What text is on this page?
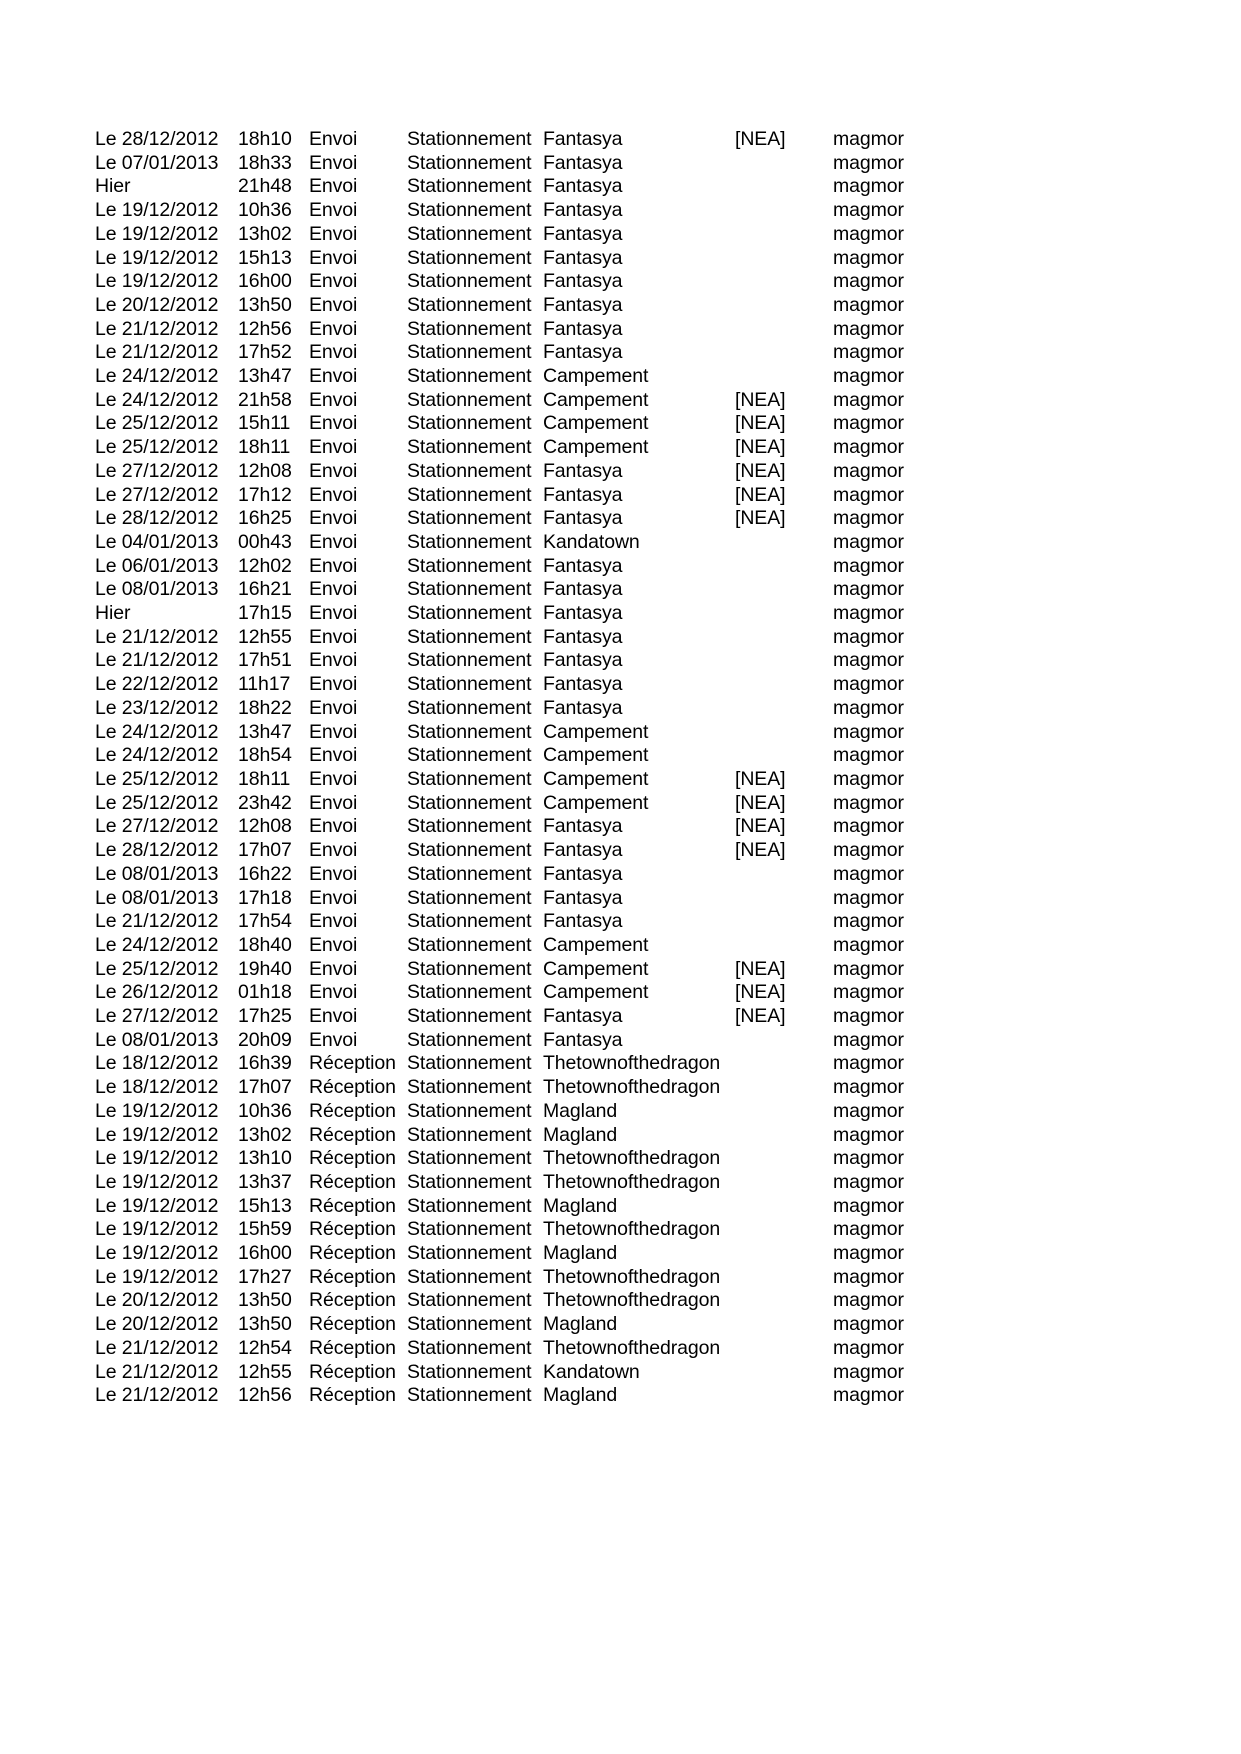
Le 28/12/2012	18h10	Envoi	Stationnement	Fantasya	[NEA]	magmor
Le 07/01/2013	18h33	Envoi	Stationnement	Fantasya		magmor
Hier	21h48	Envoi	Stationnement	Fantasya		magmor
Le 19/12/2012	10h36	Envoi	Stationnement	Fantasya		magmor
Le 19/12/2012	13h02	Envoi	Stationnement	Fantasya		magmor
Le 19/12/2012	15h13	Envoi	Stationnement	Fantasya		magmor
Le 19/12/2012	16h00	Envoi	Stationnement	Fantasya		magmor
Le 20/12/2012	13h50	Envoi	Stationnement	Fantasya		magmor
Le 21/12/2012	12h56	Envoi	Stationnement	Fantasya		magmor
Le 21/12/2012	17h52	Envoi	Stationnement	Fantasya		magmor
Le 24/12/2012	13h47	Envoi	Stationnement	Campement		magmor
Le 24/12/2012	21h58	Envoi	Stationnement	Campement	[NEA]	magmor
Le 25/12/2012	15h11	Envoi	Stationnement	Campement	[NEA]	magmor
Le 25/12/2012	18h11	Envoi	Stationnement	Campement	[NEA]	magmor
Le 27/12/2012	12h08	Envoi	Stationnement	Fantasya	[NEA]	magmor
Le 27/12/2012	17h12	Envoi	Stationnement	Fantasya	[NEA]	magmor
Le 28/12/2012	16h25	Envoi	Stationnement	Fantasya	[NEA]	magmor
Le 04/01/2013	00h43	Envoi	Stationnement	Kandatown		magmor
Le 06/01/2013	12h02	Envoi	Stationnement	Fantasya		magmor
Le 08/01/2013	16h21	Envoi	Stationnement	Fantasya		magmor
Hier	17h15	Envoi	Stationnement	Fantasya		magmor
Le 21/12/2012	12h55	Envoi	Stationnement	Fantasya		magmor
Le 21/12/2012	17h51	Envoi	Stationnement	Fantasya		magmor
Le 22/12/2012	11h17	Envoi	Stationnement	Fantasya		magmor
Le 23/12/2012	18h22	Envoi	Stationnement	Fantasya		magmor
Le 24/12/2012	13h47	Envoi	Stationnement	Campement		magmor
Le 24/12/2012	18h54	Envoi	Stationnement	Campement		magmor
Le 25/12/2012	18h11	Envoi	Stationnement	Campement	[NEA]	magmor
Le 25/12/2012	23h42	Envoi	Stationnement	Campement	[NEA]	magmor
Le 27/12/2012	12h08	Envoi	Stationnement	Fantasya	[NEA]	magmor
Le 28/12/2012	17h07	Envoi	Stationnement	Fantasya	[NEA]	magmor
Le 08/01/2013	16h22	Envoi	Stationnement	Fantasya		magmor
Le 08/01/2013	17h18	Envoi	Stationnement	Fantasya		magmor
Le 21/12/2012	17h54	Envoi	Stationnement	Fantasya		magmor
Le 24/12/2012	18h40	Envoi	Stationnement	Campement		magmor
Le 25/12/2012	19h40	Envoi	Stationnement	Campement	[NEA]	magmor
Le 26/12/2012	01h18	Envoi	Stationnement	Campement	[NEA]	magmor
Le 27/12/2012	17h25	Envoi	Stationnement	Fantasya	[NEA]	magmor
Le 08/01/2013	20h09	Envoi	Stationnement	Fantasya		magmor
Le 18/12/2012	16h39	Réception	Stationnement	Thetownofthedragon		magmor
Le 18/12/2012	17h07	Réception	Stationnement	Thetownofthedragon		magmor
Le 19/12/2012	10h36	Réception	Stationnement	Magland		magmor
Le 19/12/2012	13h02	Réception	Stationnement	Magland		magmor
Le 19/12/2012	13h10	Réception	Stationnement	Thetownofthedragon		magmor
Le 19/12/2012	13h37	Réception	Stationnement	Thetownofthedragon		magmor
Le 19/12/2012	15h13	Réception	Stationnement	Magland		magmor
Le 19/12/2012	15h59	Réception	Stationnement	Thetownofthedragon		magmor
Le 19/12/2012	16h00	Réception	Stationnement	Magland		magmor
Le 19/12/2012	17h27	Réception	Stationnement	Thetownofthedragon		magmor
Le 20/12/2012	13h50	Réception	Stationnement	Thetownofthedragon		magmor
Le 20/12/2012	13h50	Réception	Stationnement	Magland		magmor
Le 21/12/2012	12h54	Réception	Stationnement	Thetownofthedragon		magmor
Le 21/12/2012	12h55	Réception	Stationnement	Kandatown		magmor
Le 21/12/2012	12h56	Réception	Stationnement	Magland		magmor
